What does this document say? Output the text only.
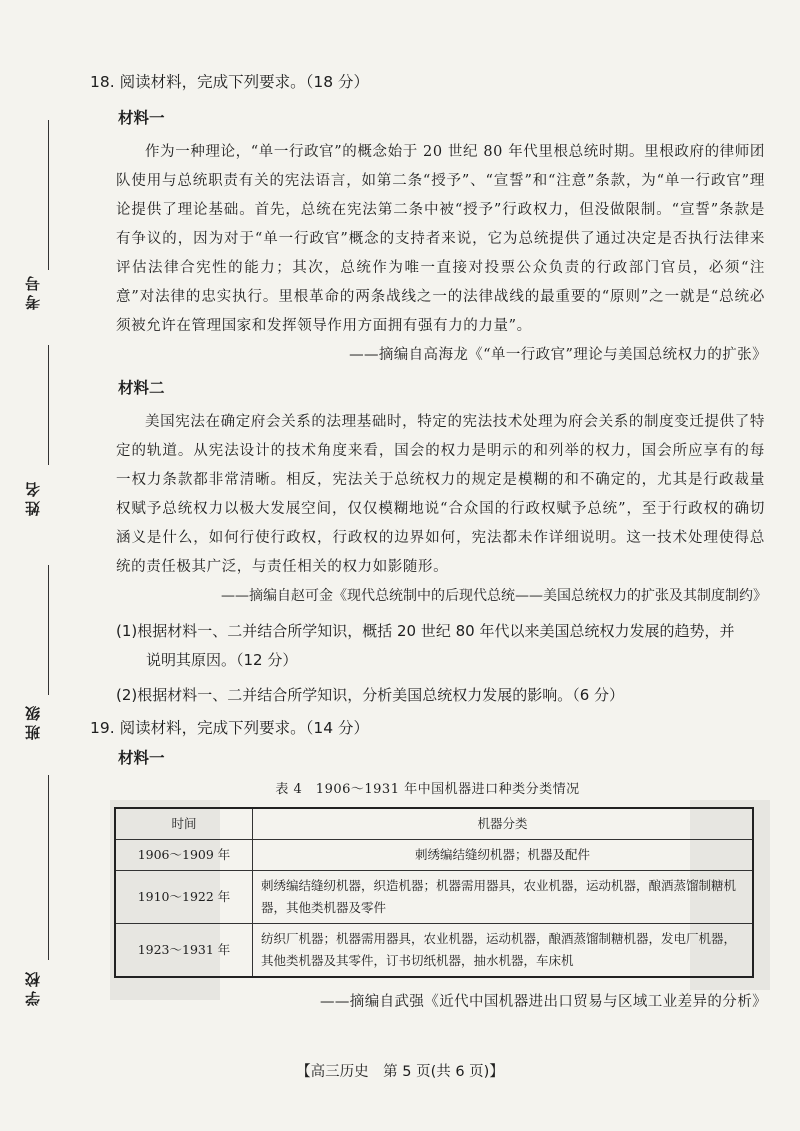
考号
姓名
班级
学校
18. 阅读材料，完成下列要求。（18 分）
材料一

作为一种理论，“单一行政官”的概念始于 20 世纪 80 年代里根总统时期。里根政府的律师团队使用与总统职责有关的宪法语言，如第二条“授予”、“宣誓”和“注意”条款，为“单一行政官”理论提供了理论基础。首先，总统在宪法第二条中被“授予”行政权力，但没做限制。“宣誓”条款是有争议的，因为对于“单一行政官”概念的支持者来说，它为总统提供了通过决定是否执行法律来评估法律合宪性的能力；其次，总统作为唯一直接对投票公众负责的行政部门官员，必须“注意”对法律的忠实执行。里根革命的两条战线之一的法律战线的最重要的“原则”之一就是“总统必须被允许在管理国家和发挥领导作用方面拥有强有力的力量”。

——摘编自高海龙《“单一行政官”理论与美国总统权力的扩张》
材料二

美国宪法在确定府会关系的法理基础时，特定的宪法技术处理为府会关系的制度变迁提供了特定的轨道。从宪法设计的技术角度来看，国会的权力是明示的和列举的权力，国会所应享有的每一权力条款都非常清晰。相反，宪法关于总统权力的规定是模糊的和不确定的，尤其是行政裁量权赋予总统权力以极大发展空间，仅仅模糊地说“合众国的行政权赋予总统”，至于行政权的确切涵义是什么，如何行使行政权，行政权的边界如何，宪法都未作详细说明。这一技术处理使得总统的责任极其广泛，与责任相关的权力如影随形。

——摘编自赵可金《现代总统制中的后现代总统——美国总统权力的扩张及其制度制约》
(1)根据材料一、二并结合所学知识，概括 20 世纪 80 年代以来美国总统权力发展的趋势，并
说明其原因。（12 分）
(2)根据材料一、二并结合所学知识，分析美国总统权力发展的影响。（6 分）
19. 阅读材料，完成下列要求。（14 分）
材料一
表 4　1906～1931 年中国机器进口种类分类情况
时间	机器分类
1906～1909 年	刺绣编结缝纫机器；机器及配件
1910～1922 年	刺绣编结缝纫机器，织造机器；机器需用器具，农业机器，运动机器，酿酒蒸馏制糖机器，其他类机器及零件
1923～1931 年	纺织厂机器；机器需用器具，农业机器，运动机器，酿酒蒸馏制糖机器，发电厂机器，其他类机器及其零件，订书切纸机器，抽水机器，车床机
——摘编自武强《近代中国机器进出口贸易与区域工业差异的分析》
【高三历史　第 5 页(共 6 页)】
